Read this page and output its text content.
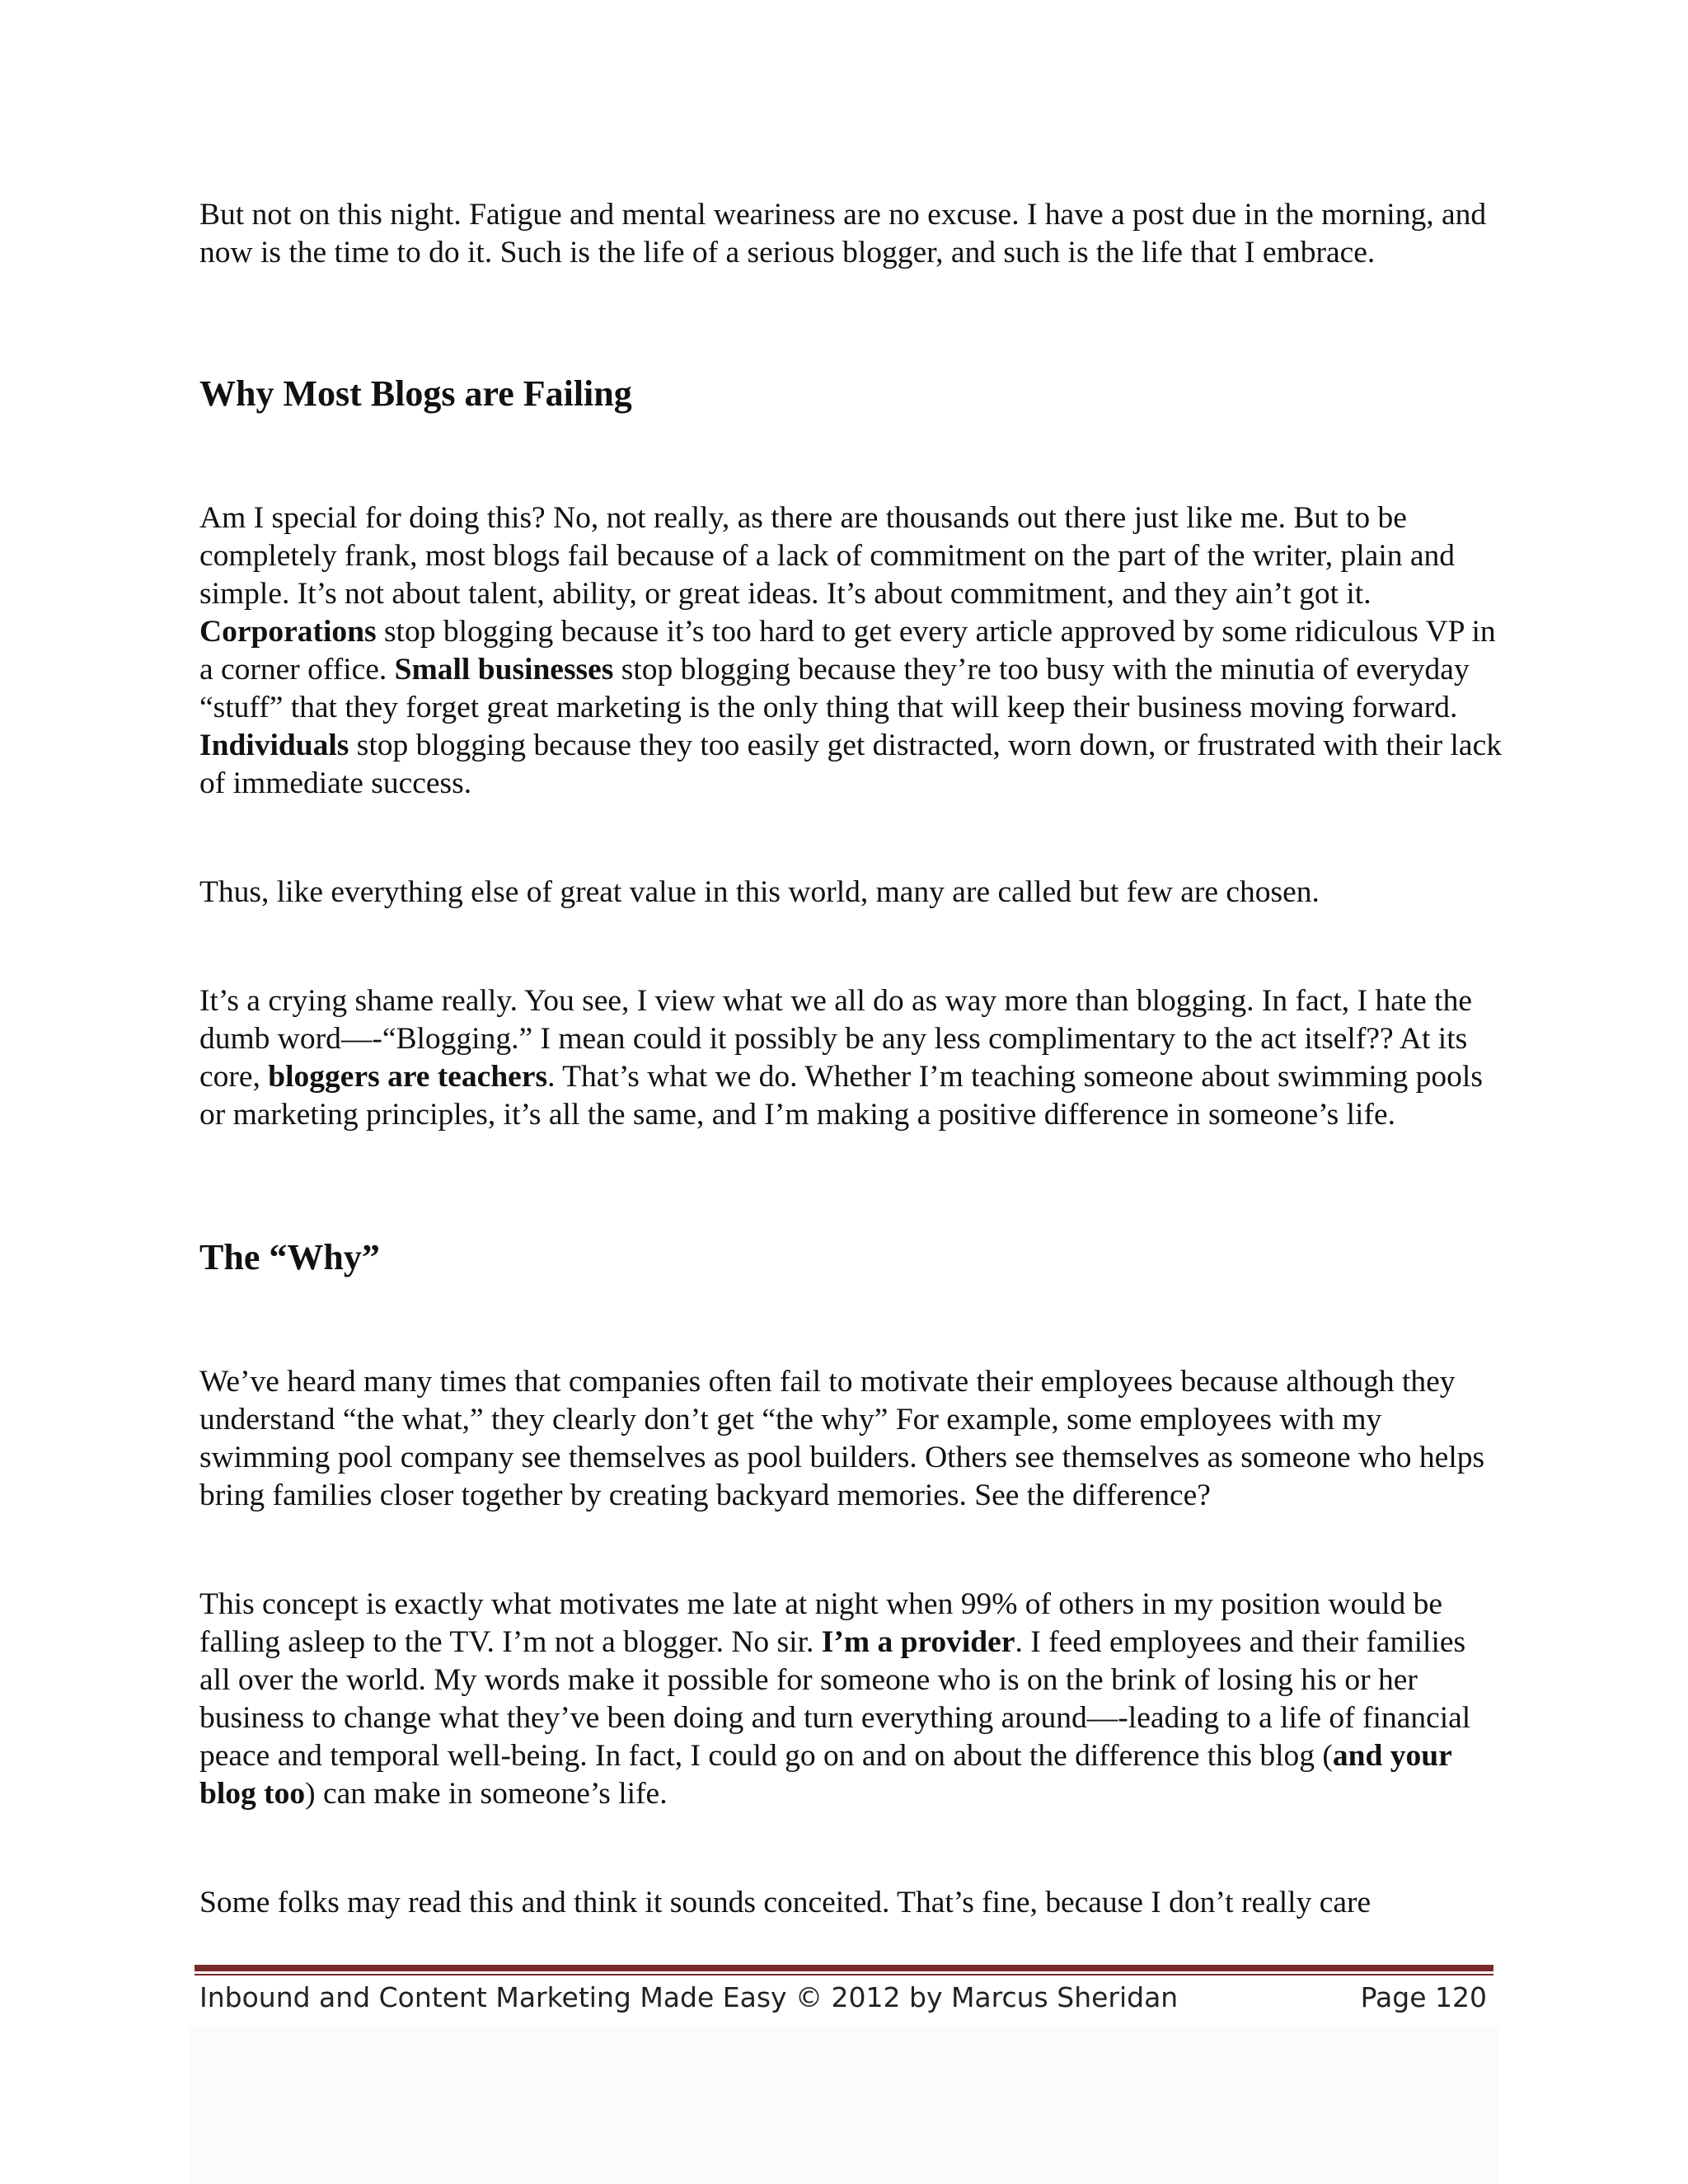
But not on this night. Fatigue and mental weariness are no excuse. I have a post due in the morning, and now is the time to do it. Such is the life of a serious blogger, and such is the life that I embrace.

Why Most Blogs are Failing

Am I special for doing this? No, not really, as there are thousands out there just like me. But to be completely frank, most blogs fail because of a lack of commitment on the part of the writer, plain and simple. It’s not about talent, ability, or great ideas. It’s about commitment, and they ain’t got it. Corporations stop blogging because it’s too hard to get every article approved by some ridiculous VP in a corner office. Small businesses stop blogging because they’re too busy with the minutia of everyday “stuff” that they forget great marketing is the only thing that will keep their business moving forward. Individuals stop blogging because they too easily get distracted, worn down, or frustrated with their lack of immediate success.

Thus, like everything else of great value in this world, many are called but few are chosen.

It’s a crying shame really. You see, I view what we all do as way more than blogging. In fact, I hate the dumb word—-“Blogging.” I mean could it possibly be any less complimentary to the act itself?? At its core, bloggers are teachers. That’s what we do. Whether I’m teaching someone about swimming pools or marketing principles, it’s all the same, and I’m making a positive difference in someone’s life.

The “Why”

We’ve heard many times that companies often fail to motivate their employees because although they understand “the what,” they clearly don’t get “the why” For example, some employees with my swimming pool company see themselves as pool builders. Others see themselves as someone who helps bring families closer together by creating backyard memories. See the difference?

This concept is exactly what motivates me late at night when 99% of others in my position would be falling asleep to the TV. I’m not a blogger. No sir. I’m a provider. I feed employees and their families all over the world. My words make it possible for someone who is on the brink of losing his or her business to change what they’ve been doing and turn everything around—-leading to a life of financial peace and temporal well-being. In fact, I could go on and on about the difference this blog (and your blog too) can make in someone’s life.

Some folks may read this and think it sounds conceited. That’s fine, because I don’t really care

Inbound and Content Marketing Made Easy © 2012 by Marcus Sheridan	Page 120
